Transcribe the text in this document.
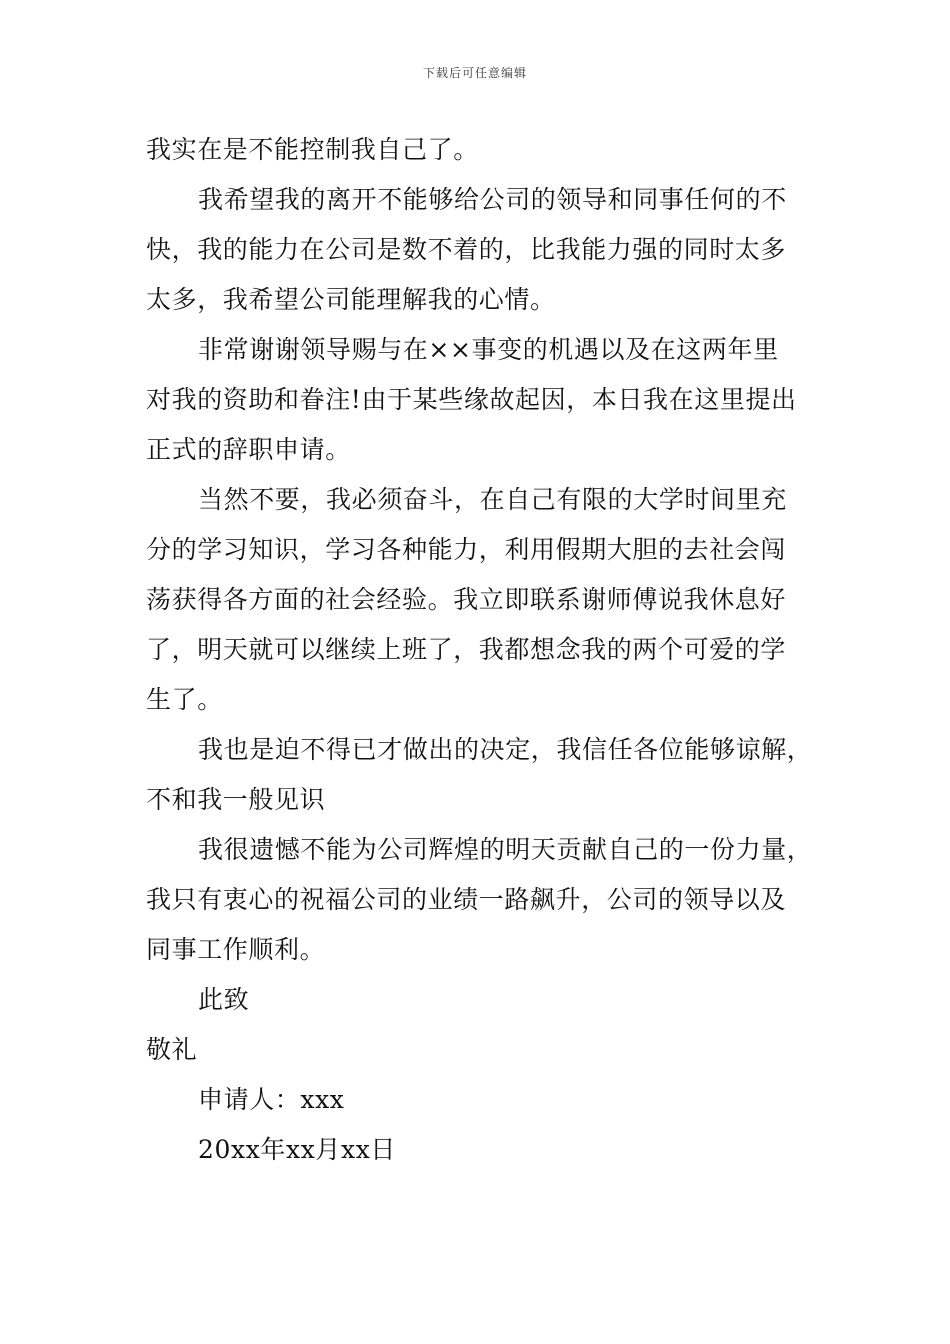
下载后可任意编辑
我实在是不能控制我自己了。
我希望我的离开不能够给公司的领导和同事任何的不
快，我的能力在公司是数不着的，比我能力强的同时太多
太多，我希望公司能理解我的心情。
非常谢谢领导赐与在××事变的机遇以及在这两年里
对我的资助和眷注!由于某些缘故起因，本日我在这里提出
正式的辞职申请。
当然不要，我必须奋斗，在自己有限的大学时间里充
分的学习知识，学习各种能力，利用假期大胆的去社会闯
荡获得各方面的社会经验。我立即联系谢师傅说我休息好
了，明天就可以继续上班了，我都想念我的两个可爱的学
生了。
我也是迫不得已才做出的决定，我信任各位能够谅解，
不和我一般见识
我很遗憾不能为公司辉煌的明天贡献自己的一份力量，
我只有衷心的祝福公司的业绩一路飙升，公司的领导以及
同事工作顺利。
此致
敬礼
申请人：xxx
20xx年xx月xx日
